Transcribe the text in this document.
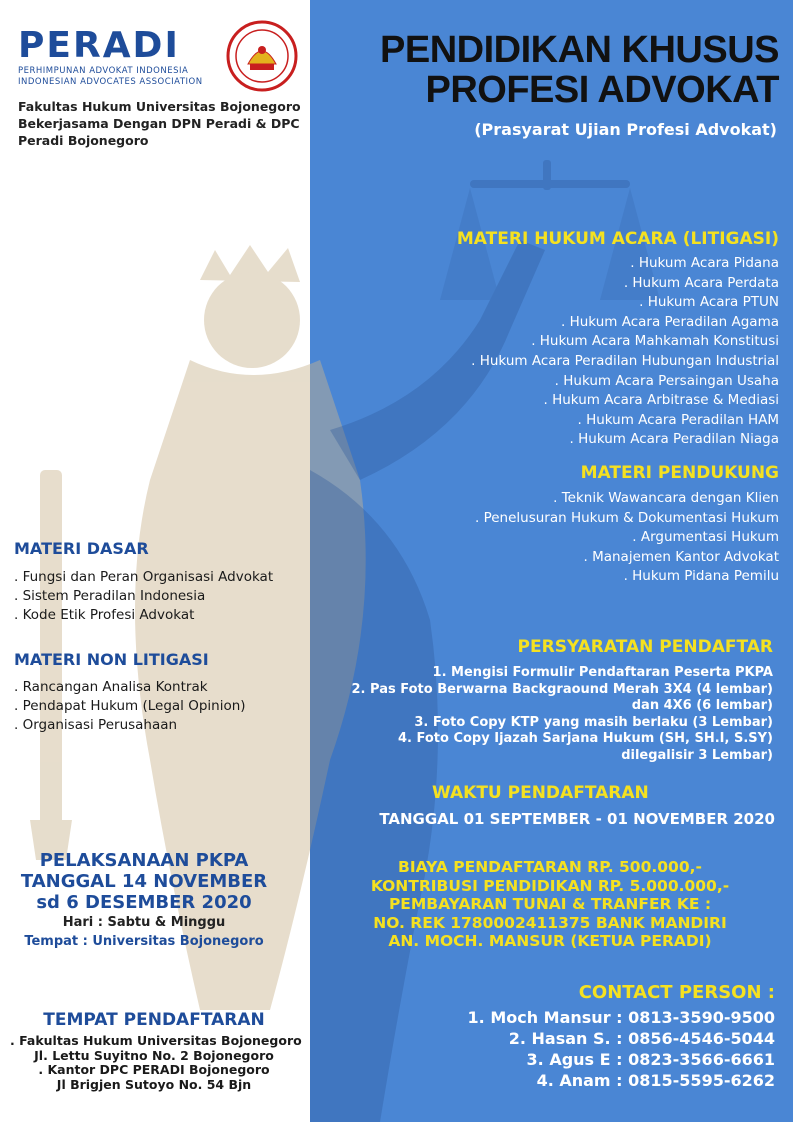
PERADI
PERHIMPUNAN ADVOKAT INDONESIA
INDONESIAN ADVOCATES ASSOCIATION
Fakultas Hukum Universitas Bojonegoro
Bekerjasama Dengan DPN Peradi & DPC
Peradi Bojonegoro
PENDIDIKAN KHUSUS
PROFESI ADVOKAT
(Prasyarat Ujian Profesi Advokat)
MATERI HUKUM ACARA (LITIGASI)
. Hukum Acara Pidana
. Hukum Acara Perdata
. Hukum Acara PTUN
. Hukum Acara Peradilan Agama
. Hukum Acara Mahkamah Konstitusi
. Hukum Acara Peradilan Hubungan Industrial
. Hukum Acara Persaingan Usaha
. Hukum Acara Arbitrase & Mediasi
. Hukum Acara Peradilan HAM
. Hukum Acara Peradilan Niaga
MATERI PENDUKUNG
. Teknik Wawancara dengan Klien
. Penelusuran Hukum & Dokumentasi Hukum
. Argumentasi Hukum
. Manajemen Kantor Advokat
. Hukum Pidana Pemilu
MATERI DASAR
. Fungsi dan Peran Organisasi Advokat
. Sistem Peradilan Indonesia
. Kode Etik Profesi Advokat
MATERI NON LITIGASI
. Rancangan Analisa Kontrak
. Pendapat Hukum (Legal Opinion)
. Organisasi Perusahaan
PERSYARATAN PENDAFTAR
1. Mengisi Formulir Pendaftaran Peserta PKPA
2. Pas Foto Berwarna Backgraound Merah 3X4 (4 lembar)
dan 4X6 (6 lembar)
3. Foto Copy KTP yang masih berlaku (3 Lembar)
4. Foto Copy Ijazah Sarjana Hukum (SH, SH.I, S.SY)
dilegalisir 3 Lembar)
WAKTU PENDAFTARAN
TANGGAL 01 SEPTEMBER - 01 NOVEMBER 2020
BIAYA PENDAFTARAN RP. 500.000,-
KONTRIBUSI PENDIDIKAN RP. 5.000.000,-
PEMBAYARAN TUNAI & TRANFER KE :
NO. REK 1780002411375 BANK MANDIRI
AN. MOCH. MANSUR (KETUA PERADI)
CONTACT PERSON :
1. Moch Mansur : 0813-3590-9500
2. Hasan S. : 0856-4546-5044
3. Agus E : 0823-3566-6661
4. Anam : 0815-5595-6262
PELAKSANAAN PKPA
TANGGAL 14 NOVEMBER
sd 6 DESEMBER 2020
Hari : Sabtu & Minggu
Tempat : Universitas Bojonegoro
TEMPAT PENDAFTARAN
. Fakultas Hukum Universitas Bojonegoro
Jl. Lettu Suyitno No. 2 Bojonegoro
. Kantor DPC PERADI Bojonegoro
Jl Brigjen Sutoyo No. 54 Bjn
